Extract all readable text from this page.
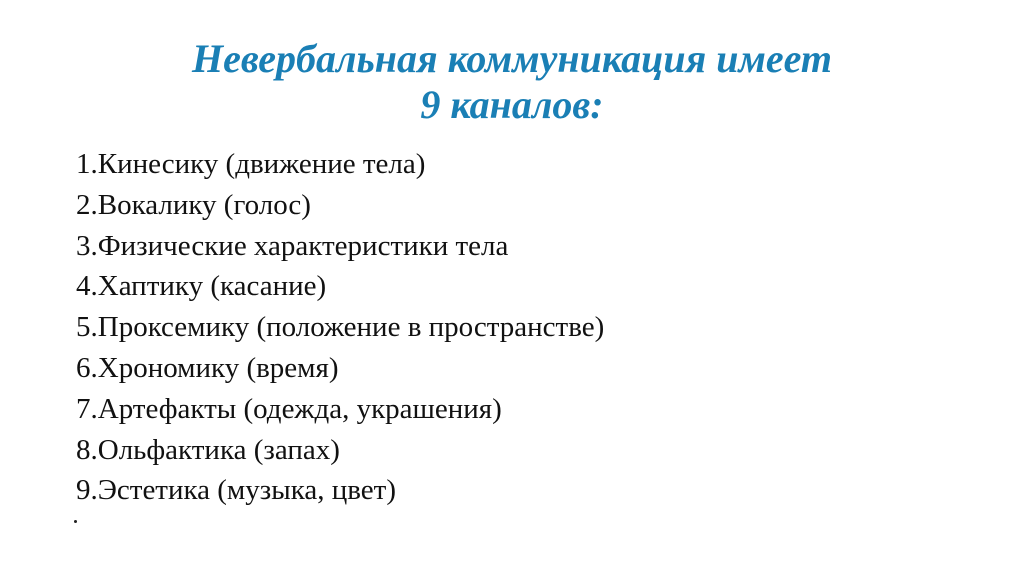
Невербальная коммуникация имеет
9 каналов:
1.Кинесику (движение тела)
2.Вокалику (голос)
3.Физические характеристики тела
4.Хаптику (касание)
5.Проксемику (положение в пространстве)
6.Хрономику (время)
7.Артефакты (одежда, украшения)
8.Ольфактика (запах)
9.Эстетика (музыка, цвет)
